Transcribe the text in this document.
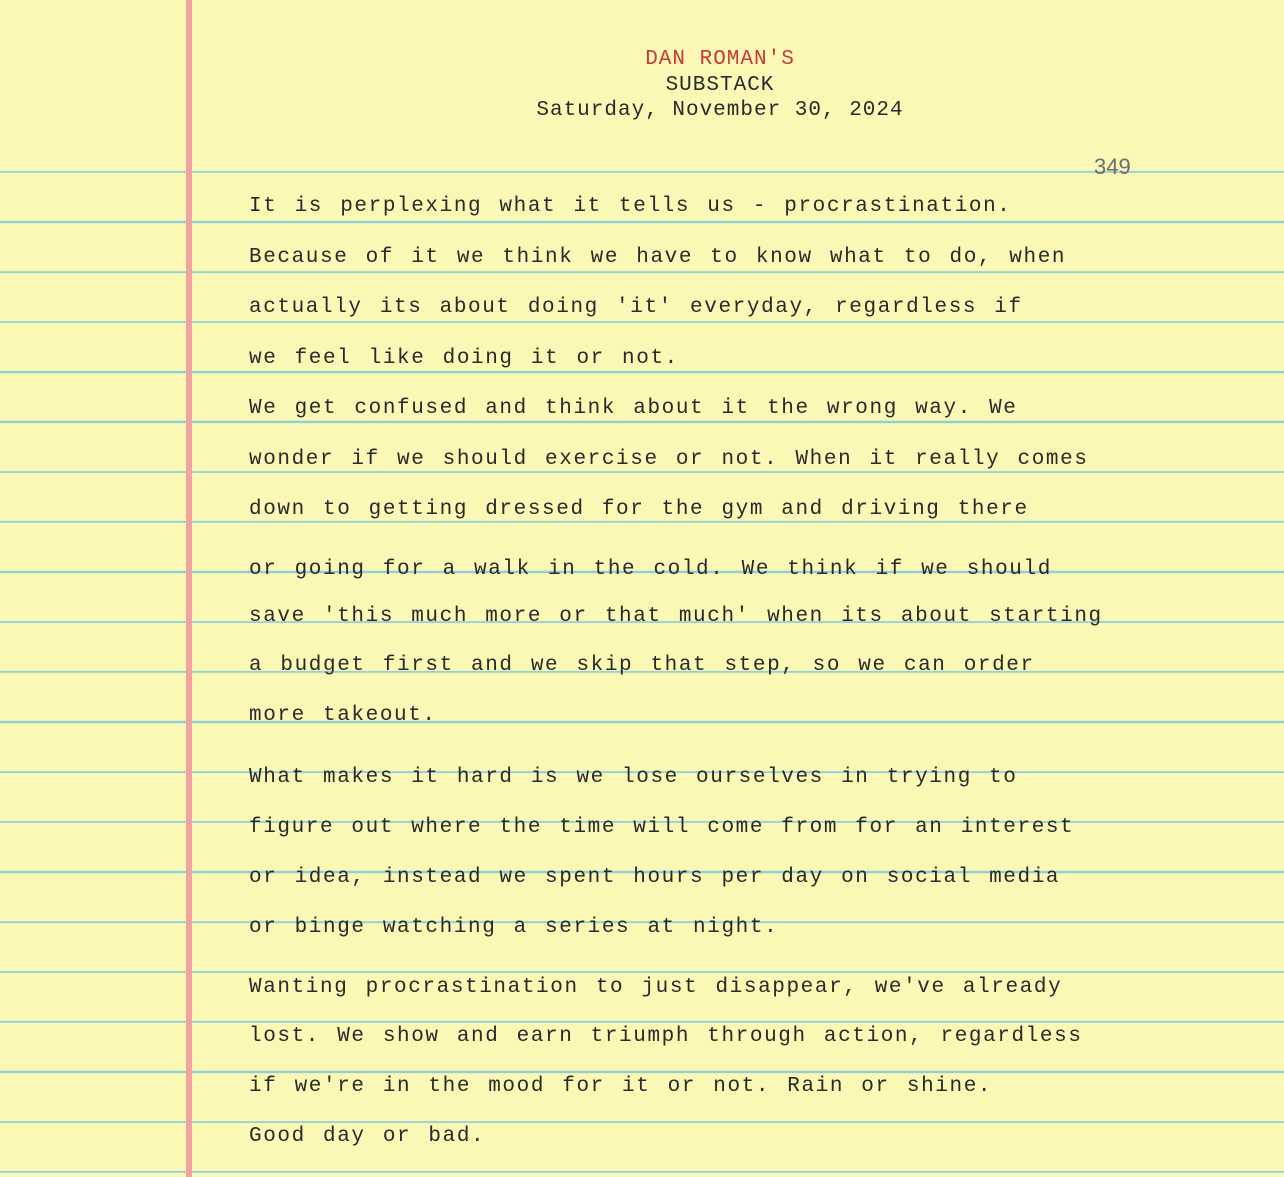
DAN ROMAN'S
SUBSTACK
Saturday, November 30, 2024
349
It is perplexing what it tells us - procrastination.
Because of it we think we have to know what to do, when
actually its about doing 'it' everyday, regardless if
we feel like doing it or not.
We get confused and think about it the wrong way. We
wonder if we should exercise or not. When it really comes
down to getting dressed for the gym and driving there
or going for a walk in the cold. We think if we should
save 'this much more or that much' when its about starting
a budget first and we skip that step, so we can order
more takeout.
What makes it hard is we lose ourselves in trying to
figure out where the time will come from for an interest
or idea, instead we spent hours per day on social media
or binge watching a series at night.
Wanting procrastination to just disappear, we've already
lost. We show and earn triumph through action, regardless
if we're in the mood for it or not. Rain or shine.
Good day or bad.
